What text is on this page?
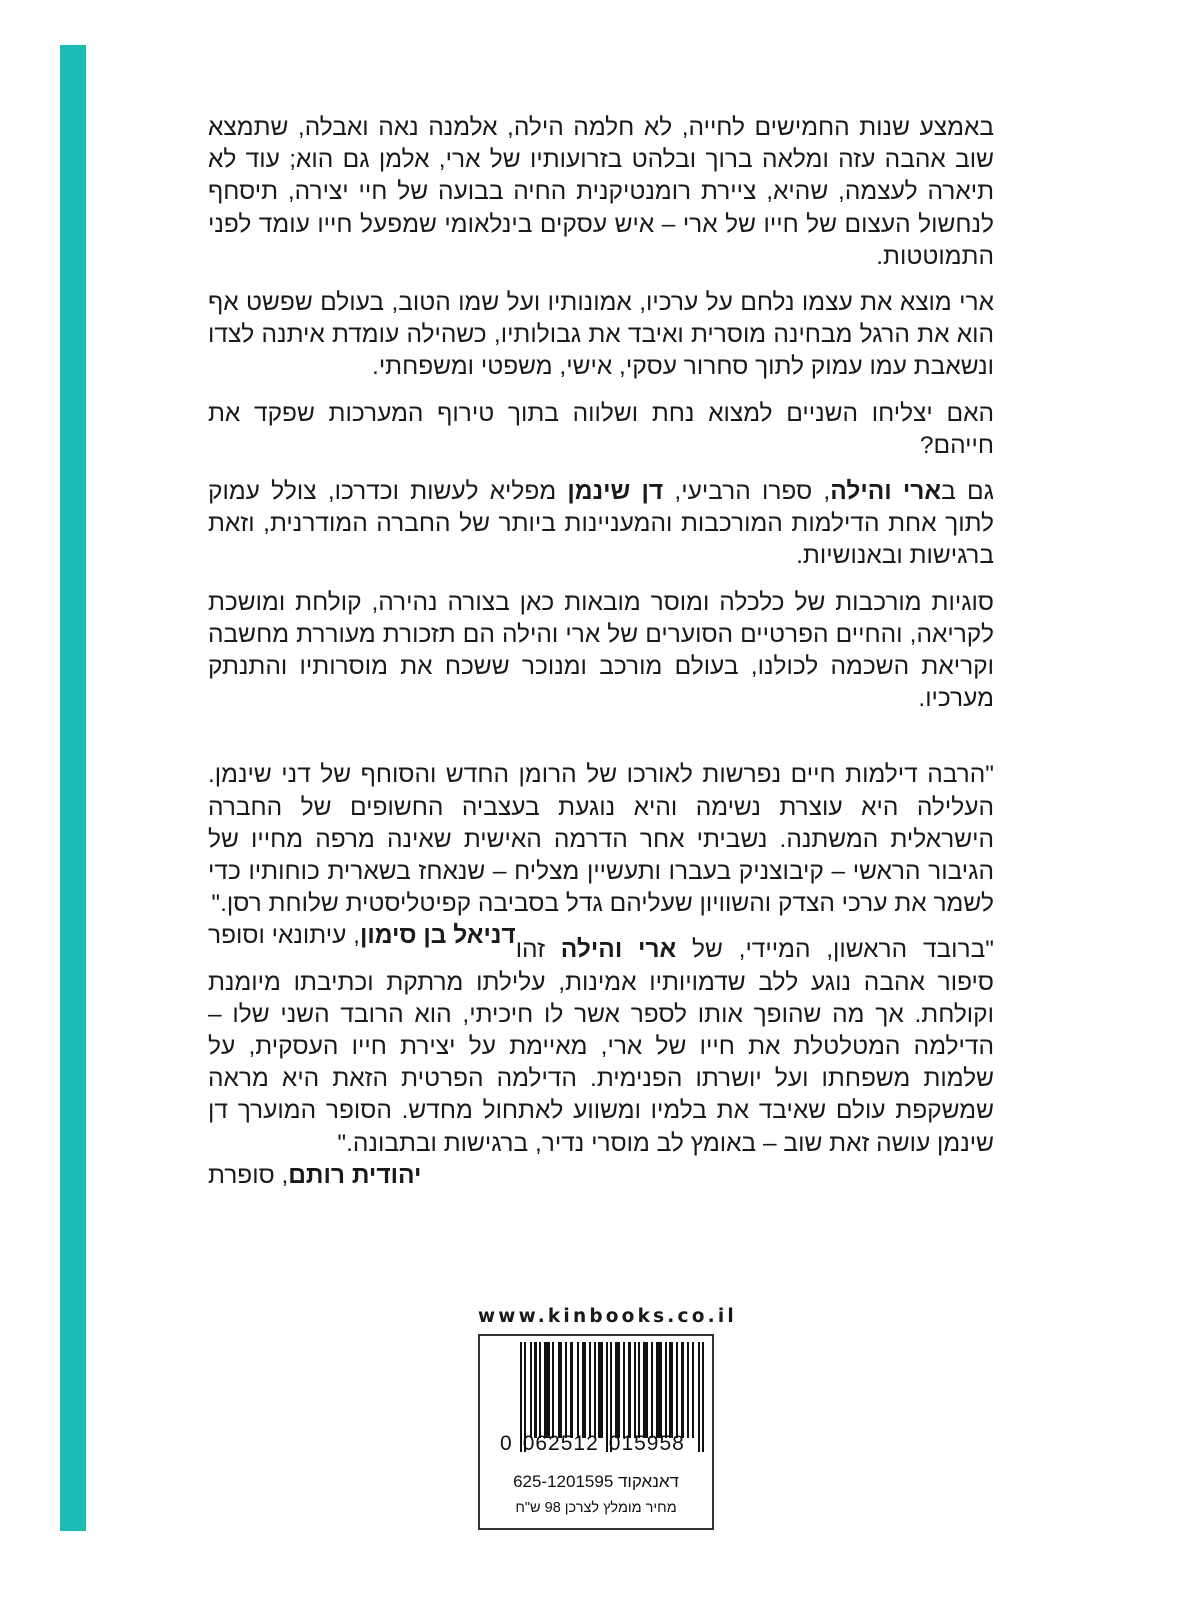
באמצע שנות החמישים לחייה, לא חלמה הילה, אלמנה נאה ואבלה, שתמצא שוב אהבה עזה ומלאה ברוך ובלהט בזרועותיו של ארי, אלמן גם הוא; עוד לא תיארה לעצמה, שהיא, ציירת רומנטיקנית החיה בבועה של חיי יצירה, תיסחף לנחשול העצום של חייו של ארי – איש עסקים בינלאומי שמפעל חייו עומד לפני התמוטטות.

ארי מוצא את עצמו נלחם על ערכיו, אמונותיו ועל שמו הטוב, בעולם שפשט אף הוא את הרגל מבחינה מוסרית ואיבד את גבולותיו, כשהילה עומדת איתנה לצדו ונשאבת עמו עמוק לתוך סחרור עסקי, אישי, משפטי ומשפחתי.

האם יצליחו השניים למצוא נחת ושלווה בתוך טירוף המערכות שפקד את חייהם?

גם בארי והילה, ספרו הרביעי, דן שינמן מפליא לעשות וכדרכו, צולל עמוק לתוך אחת הדילמות המורכבות והמעניינות ביותר של החברה המודרנית, וזאת ברגישות ובאנושיות.

סוגיות מורכבות של כלכלה ומוסר מובאות כאן בצורה נהירה, קולחת ומושכת לקריאה, והחיים הפרטיים הסוערים של ארי והילה הם תזכורת מעוררת מחשבה וקריאת השכמה לכולנו, בעולם מורכב ומנוכר ששכח את מוסרותיו והתנתק מערכיו.

"הרבה דילמות חיים נפרשות לאורכו של הרומן החדש והסוחף של דני שינמן. העלילה היא עוצרת נשימה והיא נוגעת בעצביה החשופים של החברה הישראלית המשתנה. נשביתי אחר הדרמה האישית שאינה מרפה מחייו של הגיבור הראשי – קיבוצניק בעברו ותעשיין מצליח – שנאחז בשארית כוחותיו כדי לשמר את ערכי הצדק והשוויון שעליהם גדל בסביבה קפיטליסטית שלוחת רסן."
דניאל בן סימון, עיתונאי וסופר

"ברובד הראשון, המיידי, של ארי והילה זהו סיפור אהבה נוגע ללב שדמויותיו אמינות, עלילתו מרתקת וכתיבתו מיומנת וקולחת. אך מה שהופך אותו לספר אשר לו חיכיתי, הוא הרובד השני שלו – הדילמה המטלטלת את חייו של ארי, מאיימת על יצירת חייו העסקית, על שלמות משפחתו ועל יושרתו הפנימית. הדילמה הפרטית הזאת היא מראה שמשקפת עולם שאיבד את בלמיו ומשווע לאתחול מחדש. הסופר המוערך דן שינמן עושה זאת שוב – באומץ לב מוסרי נדיר, ברגישות ובתבונה."
יהודית רותם, סופרת

www.kinbooks.co.il
0 062512 015958
דאנאקוד 625-1201595
מחיר מומלץ לצרכן 98 ש"ח
